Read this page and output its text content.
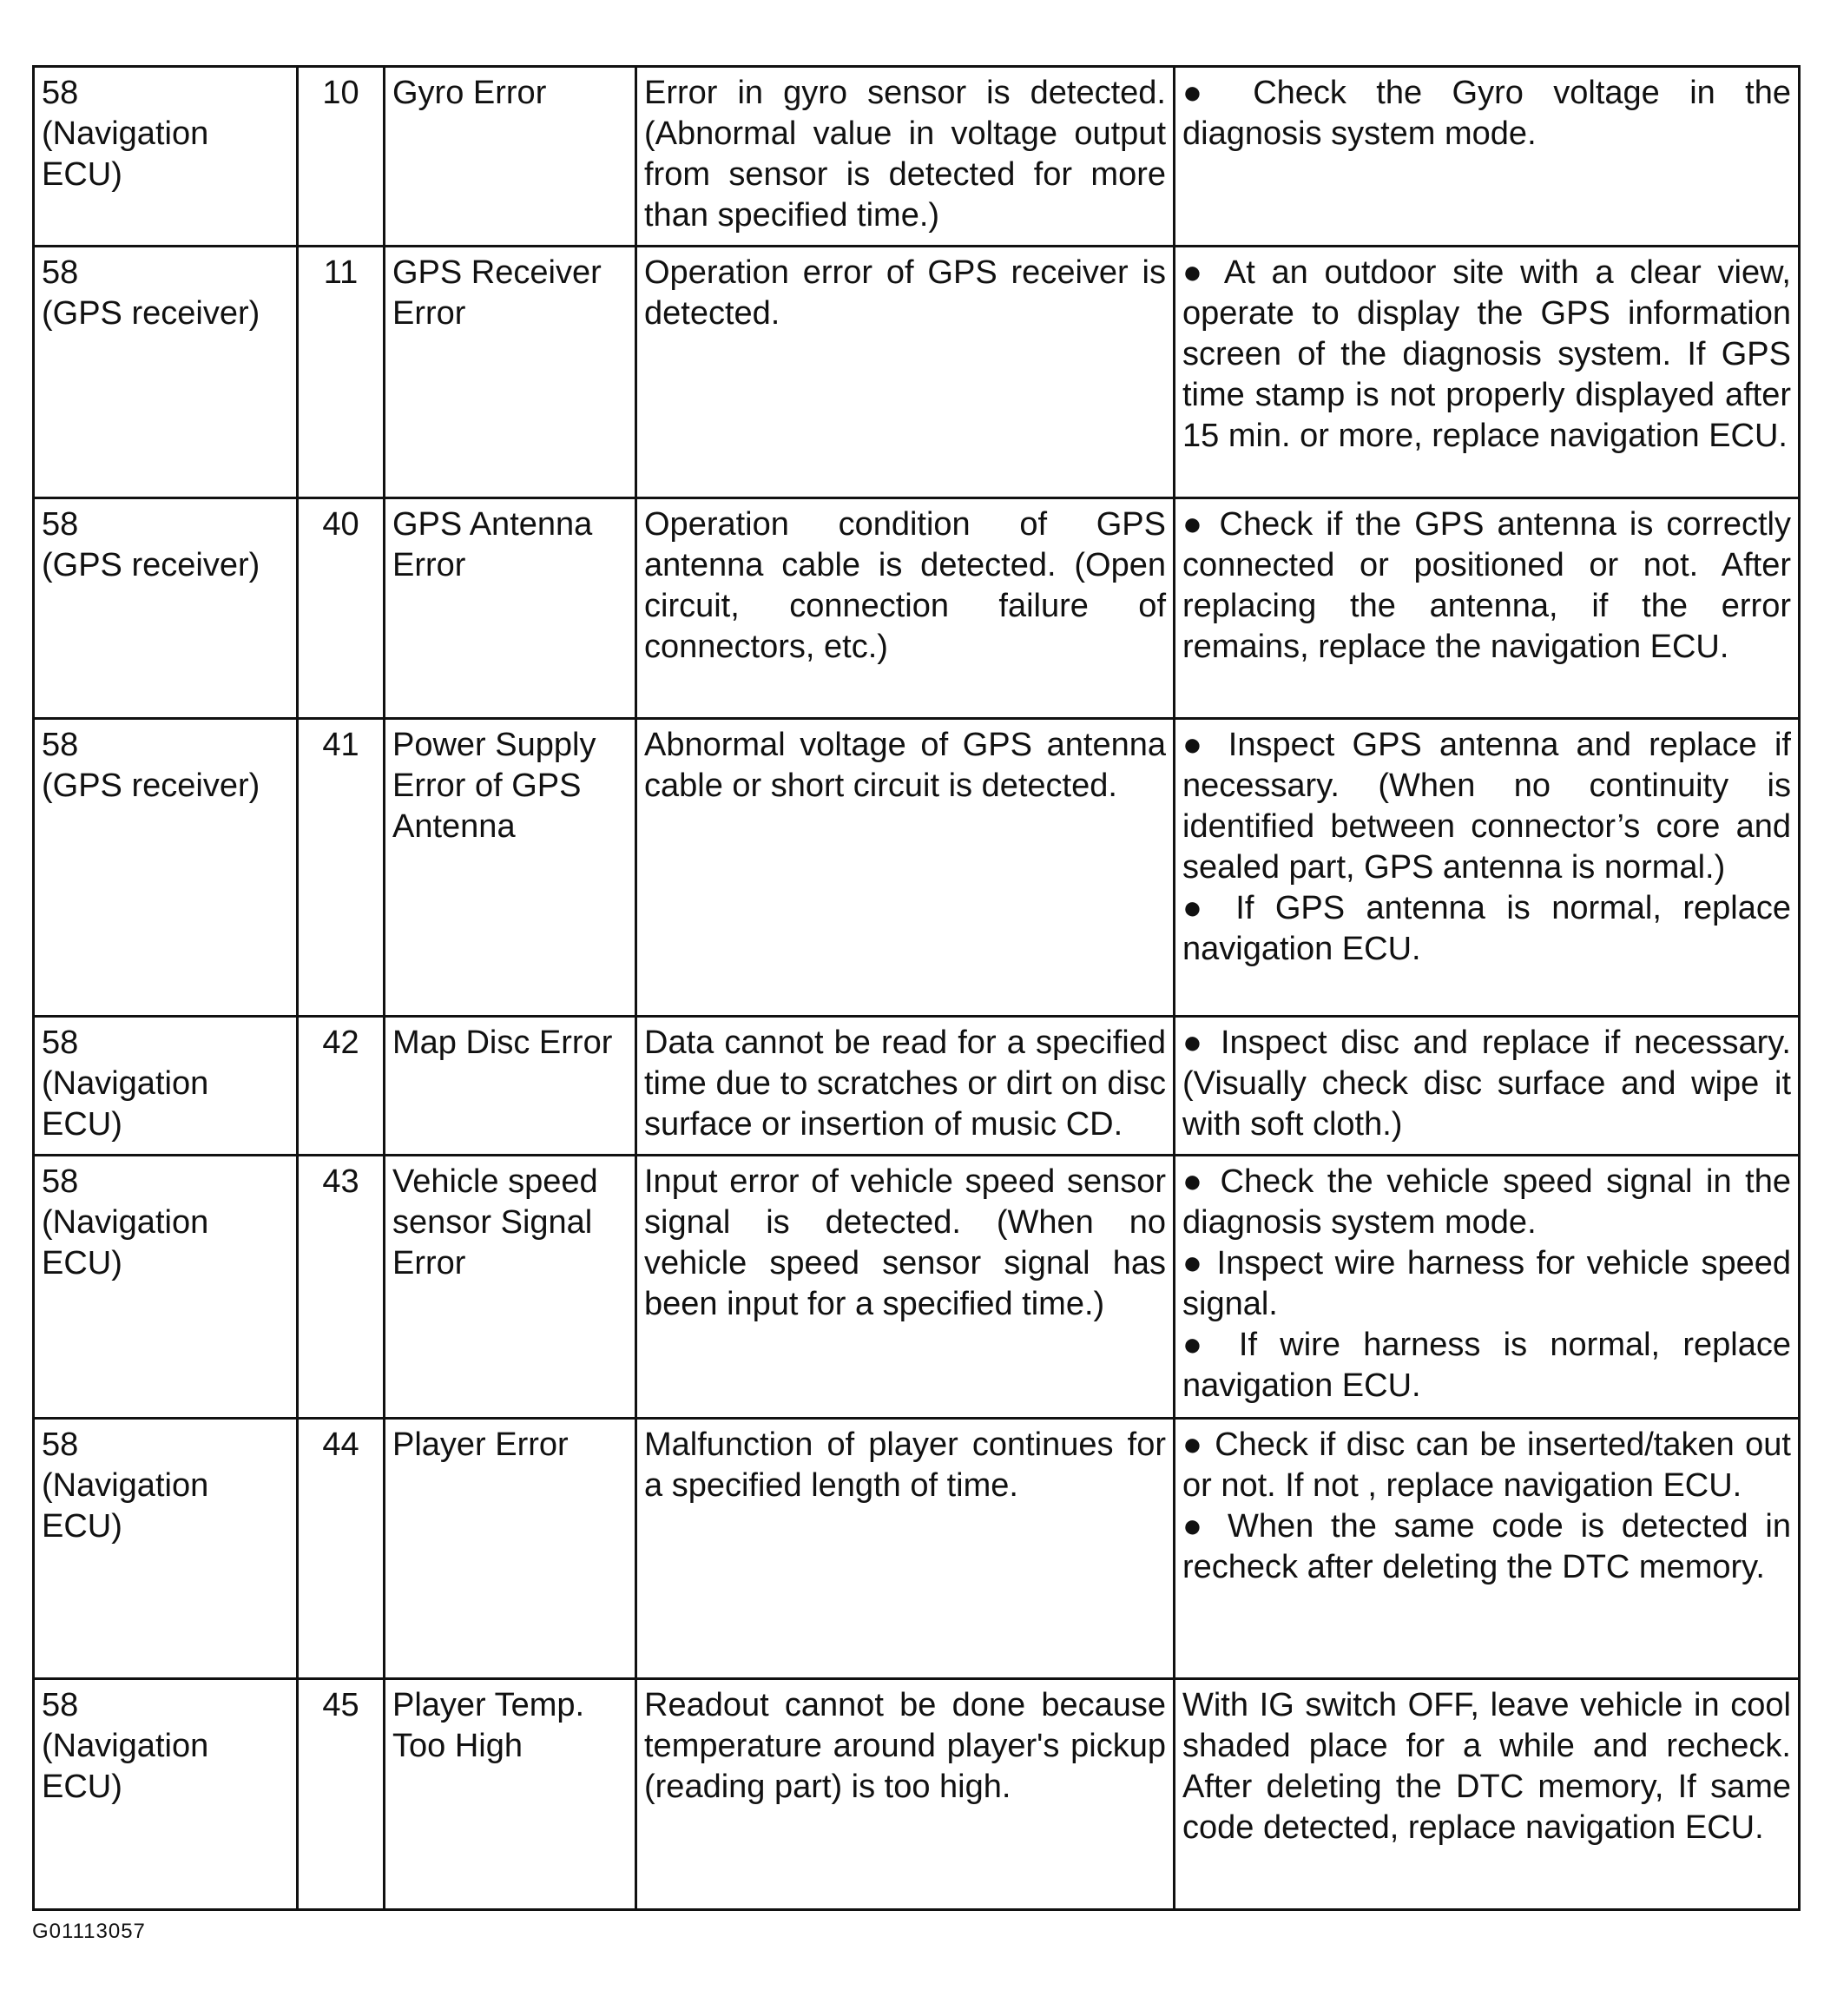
58
(Navigation ECU)	10	Gyro Error	Error in gyro sensor is detected. (Abnormal value in voltage output from sensor is detected for more than specified time.)	● Check the Gyro voltage in the diagnosis system mode.

58
(GPS receiver)	11	GPS Receiver Error	Operation error of GPS receiver is detected.	● At an outdoor site with a clear view, operate to display the GPS information screen of the diagnosis system. If GPS time stamp is not properly displayed after 15 min. or more, replace navigation ECU.

58
(GPS receiver)	40	GPS Antenna Error	Operation condition of GPS antenna cable is detected. (Open circuit, connection failure of connectors, etc.)	● Check if the GPS antenna is correctly connected or positioned or not. After replacing the antenna, if the error remains, replace the navigation ECU.

58
(GPS receiver)	41	Power Supply Error of GPS Antenna	Abnormal voltage of GPS antenna cable or short circuit is detected.	● Inspect GPS antenna and replace if necessary. (When no continuity is identified between connector’s core and sealed part, GPS antenna is normal.)
● If GPS antenna is normal, replace navigation ECU.

58
(Navigation ECU)	42	Map Disc Error	Data cannot be read for a specified time due to scratches or dirt on disc surface or insertion of music CD.	● Inspect disc and replace if necessary. (Visually check disc surface and wipe it with soft cloth.)

58
(Navigation ECU)	43	Vehicle speed sensor Signal Error	Input error of vehicle speed sensor signal is detected. (When no vehicle speed sensor signal has been input for a specified time.)	● Check the vehicle speed signal in the diagnosis system mode.
● Inspect wire harness for vehicle speed signal.
● If wire harness is normal, replace navigation ECU.

58
(Navigation ECU)	44	Player Error	Malfunction of player continues for a specified length of time.	● Check if disc can be inserted/taken out or not. If not , replace navigation ECU.
● When the same code is detected in recheck after deleting the DTC memory.

58
(Navigation ECU)	45	Player Temp. Too High	Readout cannot be done because temperature around player's pickup (reading part) is too high.	With IG switch OFF, leave vehicle in cool shaded place for a while and recheck. After deleting the DTC memory, If same code detected, replace navigation ECU.
G01113057
